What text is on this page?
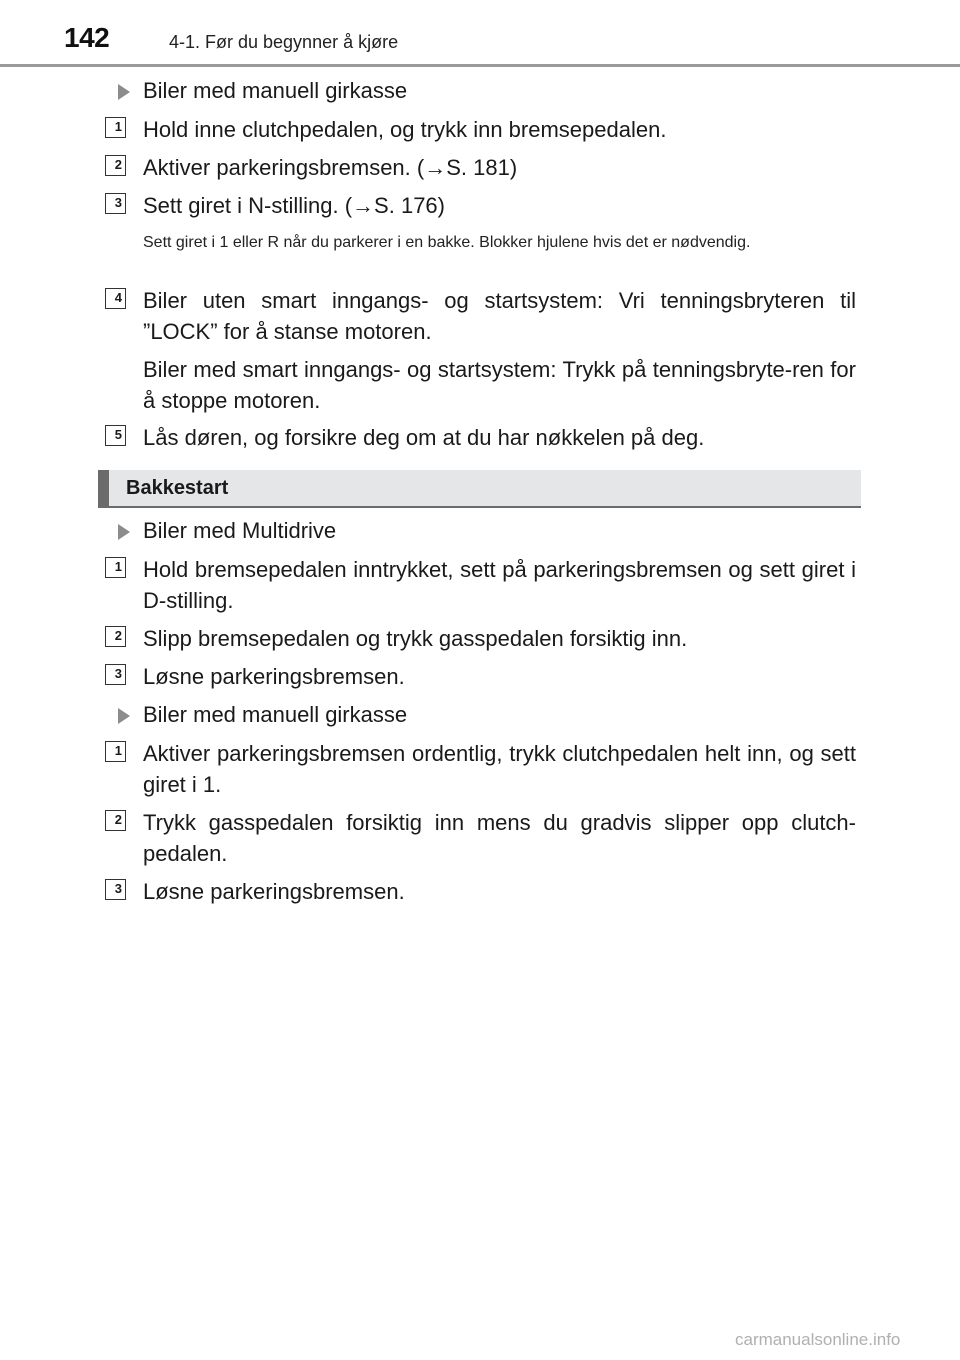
142	4-1. Før du begynner å kjøre
Biler med manuell girkasse
1 Hold inne clutchpedalen, og trykk inn bremsepedalen.
2 Aktiver parkeringsbremsen. (→S. 181)
3 Sett giret i N-stilling. (→S. 176)
Sett giret i 1 eller R når du parkerer i en bakke. Blokker hjulene hvis det er nødvendig.
4 Biler uten smart inngangs- og startsystem: Vri tenningsbryteren til ”LOCK” for å stanse motoren.
Biler med smart inngangs- og startsystem: Trykk på tenningsbryte-ren for å stoppe motoren.
5 Lås døren, og forsikre deg om at du har nøkkelen på deg.
Bakkestart
Biler med Multidrive
1 Hold bremsepedalen inntrykket, sett på parkeringsbremsen og sett giret i D-stilling.
2 Slipp bremsepedalen og trykk gasspedalen forsiktig inn.
3 Løsne parkeringsbremsen.
Biler med manuell girkasse
1 Aktiver parkeringsbremsen ordentlig, trykk clutchpedalen helt inn, og sett giret i 1.
2 Trykk gasspedalen forsiktig inn mens du gradvis slipper opp clutch-pedalen.
3 Løsne parkeringsbremsen.
carmanualsonline.info
